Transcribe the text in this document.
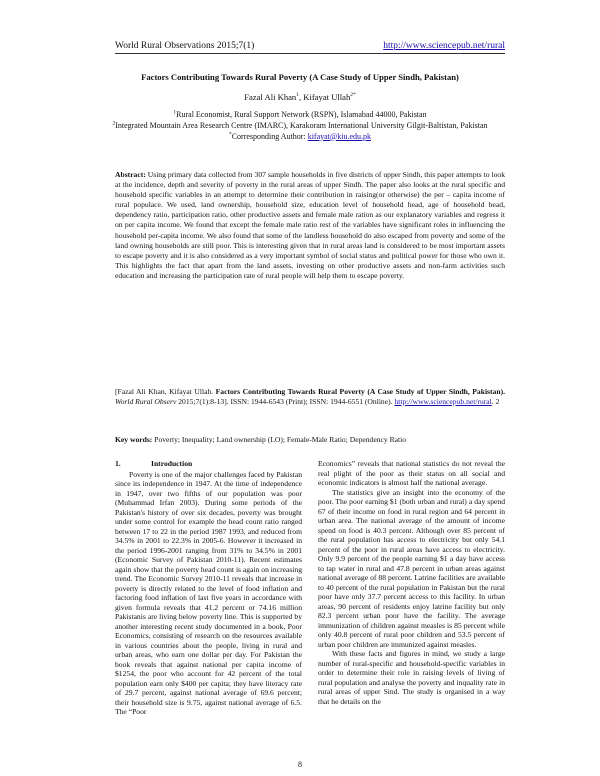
World Rural Observations 2015;7(1)	http://www.sciencepub.net/rural
Factors Contributing Towards Rural Poverty (A Case Study of Upper Sindh, Pakistan)
Fazal Ali Khan$^1$, Kifayat Ullah$^{2*}$
$^1$Rural Economist, Rural Support Network (RSPN), Islamabad 44000, Pakistan
$^2$Integrated Mountain Area Research Centre (IMARC), Karakoram International University Gilgit-Baltistan, Pakistan
*Corresponding Author: kifayat@kiu.edu.pk
Abstract: Using primary data collected from 307 sample households in five districts of upper Sindh, this paper attempts to look at the incidence, depth and severity of poverty in the rural areas of upper Sindh. The paper also looks at the rural specific and household specific variables in an attempt to determine their contribution in raising(or otherwise) the per – capita income of rural populace. We used, land ownership, household size, education level of household head, age of household head, dependency ratio, participation ratio, other productive assets and female male ration as our explanatory variables and regress it on per capita income. We found that except the female male ratio rest of the variables have significant roles in influencing the household per-capita income. We also found that some of the landless household do also escaped from poverty and some of the land owning households are still poor. This is interesting given that in rural areas land is considered to be most important assets to escape poverty and it is also considered as a very important symbol of social status and political power for those who own it. This highlights the fact that apart from the land assets, investing on other productive assets and non-farm activities such education and increasing the participation rate of rural people will help them to escape poverty.
[Fazal Ali Khan, Kifayat Ullah. Factors Contributing Towards Rural Poverty (A Case Study of Upper Sindh, Pakistan). World Rural Observ 2015;7(1):8-13]. ISSN: 1944-6543 (Print); ISSN: 1944-6551 (Online). http://www.sciencepub.net/rural. 2
Key words: Poverty; Inequality; Land ownership (LO); Female-Male Ratio; Dependency Ratio
1.	Introduction

Poverty is one of the major challenges faced by Pakistan since its independence in 1947. At the time of independence in 1947, over two fifths of our population was poor (Muhammad Irfan 2003). During some periods of the Pakistan's history of over six decades, poverty was brought under some control for example the head count ratio ranged between 17 to 22 in the period 1987 1993, and reduced from 34.5% in 2001 to 22.3% in 2005-6. However it increased in the period 1996-2001 ranging from 31% to 34.5% in 2001 (Economic Survey of Pakistan 2010-11). Recent estimates again show that the poverty head count is again on increasing trend. The Economic Survey 2010-11 reveals that increase in poverty is directly related to the level of food inflation and factoring food inflation of last five years in accordance with given formula reveals that 41.2 percent or 74.16 million Pakistanis are living below poverty line. This is supported by another interesting recent study documented in a book, Poor Economics, consisting of research on the resources available in various countries about the people, living in rural and urban areas, who earn one dollar per day. For Pakistan the book reveals that against national per capita income of $1254, the poor who account for 42 percent of the total population earn only $400 per capita; they have literacy rate of 29.7 percent, against national average of 69.6 percent; their household size is 9.75, against national average of 6.5. The “Poor

Economics” reveals that national statistics do not reveal the real plight of the poor as their status on all social and economic indicators is almost half the national average.

The statistics give an insight into the economy of the poor. The poor earning $1 (both urban and rural) a day spend 67 of their income on food in rural region and 64 percent in urban area. The national average of the amount of income spend on food is 40.3 percent. Although over 85 percent of the rural population has access to electricity but only 54.1 percent of the poor in rural areas have access to electricity. Only 9.9 percent of the people earning $1 a day have access to tap water in rural and 47.8 percent in urban areas against national average of 88 percent. Latrine facilities are available to 40 percent of the rural population in Pakistan but the rural poor have only 37.7 percent access to this facility. In urban areas, 90 percent of residents enjoy latrine facility but only 82.3 percent urban poor have the facility. The average immunization of children against measles is 85 percent while only 40.8 percent of rural poor children and 53.5 percent of urban poor children are immunized against measles.

With these facts and figures in mind, we study a large number of rural-specific and household-specific variables in order to determine their role in raising levels of living of rural population and analyse the poverty and inquality rate in rural areas of upper Sind. The study is organised in a way that he details on the

8
